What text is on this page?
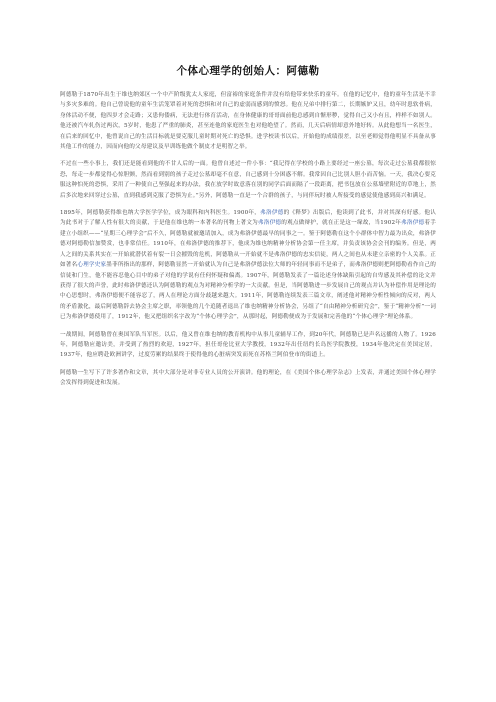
个体心理学的创始人：阿德勒

阿德勒于1870年出生于维也纳郊区一个中产阶级犹太人家庭，但富裕的家庭条件并没有给他带来快乐的童年。在他的记忆中，他的童年生活是不幸与多灾多难的。他自己曾说他的童年生活笼罩着对死的恐惧和对自己的虚弱而感到的愤怒。他在兄弟中排行第二，长期嫉妒又且，幼年时患软骨病，身体活动不便，他四岁才会走路；又患佝偻病，无法进行体育活动，在身体健康的哥哥面前他总感到自惭形秽，觉得自己又小有且，样样不如别人。他还被汽车轧伤过两次，5岁时，他患了严重的肺炎，甚至连他的家庭医生也对他绝望了。然而，几天后病情却意外地好转。从此他想当一名医生，在后来的回忆中，他曾说自己的生活目标就是要克服儿童时期对死亡的恐惧。进学校读书以后，开始他的成绩很差，以至老师觉得他明显不具备从事其他工作的能力，因而向他的父母建议及早训练他做个制皮才是明智之举。

不过在一些小事上，我们还是能看到他的不甘人后的一面。他曾自述过一件小事：“我记得在学校的小路上要经过一座公墓，每次走过公墓我都很惊恐，每走一步都觉得心惊胆颤，然而看到别的孩子走过公墓却毫不在意，自己感到十分困惑不解。我常因自己比别人胆小而苦恼。一天，我决心要克服这种怕死的恐惧，采用了一种使自己坚强起来的办法，我在放学时故意落在别的同学后面而隔了一段距离，把书包放在公墓墙壁附近的草地上，然后多次地来回穿过公墓，直到我感到克服了恐惧为止。”另外，阿德勒一直是一个合群的孩子，与同伴玩时被人所接受的感觉使他感到高兴和满足。

1895年，阿德勒获得维也纳大学医学学位，成为眼科和内科医生。1900年，弗洛伊德的《释梦》出版后，他读到了此书，并对其深有好感。他认为此书对于了解人性有很大的贡献，于是他在维也纳一本著名的刊物上著文为弗洛伊德的观点做辩护，就在正是这一缘故，当1902年弗洛伊德着手建立小组织——“星期三心理学会”后不久，阿德勒就被邀请加入，成为弗洛伊德最早的同事之一。鉴于阿德勒在这个小群体中智力最为出众，弗洛伊德对阿德勒信加赞赏，也非常信任。1910年，在弗洛伊德的推荐下，他成为维也纳精神分析协会第一任主席，并负责该协会会刊的编务。但是，两人之间的关系其实在一开始就潜伏着有裂一日会摧毁的危机，阿德勒从一开始就不是弗洛伊德的忠实信徒，两人之间也从未建立亲密的个人关系。正如著名心理学史家墨菲所指出的那样，阿德勒显然一开始就认为自己是弗洛伊德法位大师的年轻同事而不是弟子，而弗洛伊德则把阿德勒看作自己的信徒和门生，他不能容忍他心目中的弟子对他的学说有任何怀疑和偏离。1907年，阿德勒发表了一篇论述身体缺陷引起的自卑感及其补偿的论文并获得了很大的声誉，此时弗洛伊德还认为阿德勒的观点为对精神分析学的一大贡献。但是，当阿德勒进一步发展自己的观点并认为补偿作用是理论的中心思想时，弗洛伊德便不能容忍了，两人在理论方面分歧越来越大。1911年，阿德勒连续发表三篇文章，阐述他对精神分析性倾向的反对，两人的矛盾激化，最后阿德勒辞去协会主席之职，率领他的几个追随者退出了维也纳精神分析协会，另组了“自由精神分析研究会”，鉴于“精神分析”一词已为弗洛伊德使用了，1912年，他又把组织名字改为“个体心理学会”，从那时起，阿德勒便成为于发展和完善他的“个体心理学”理论体系。

一战期间，阿德勒曾在奥国军队当军医。以后，他又曾在维也纳的教育机构中从事儿童辅导工作，到20年代，阿德勒已是声名远播的人物了。1926年，阿德勒应邀访美，并受到了热烈的欢迎，1927年，担任哥伦比亚大学教授，1932年出任纽约长岛医学院教授，1934年他决定在美国定居，1937年，他应聘赴欧洲讲学，过度劳累的结果终于使得他的心脏病突发而死在苏格兰阿伯登市的街道上。

阿德勒一生写下了许多著作和文章，其中大部分是对非专业人员的公开演讲。他的理论，在《美国个体心理学杂志》上发表，并通过美国个体心理学会发挥得到促进和发展。
